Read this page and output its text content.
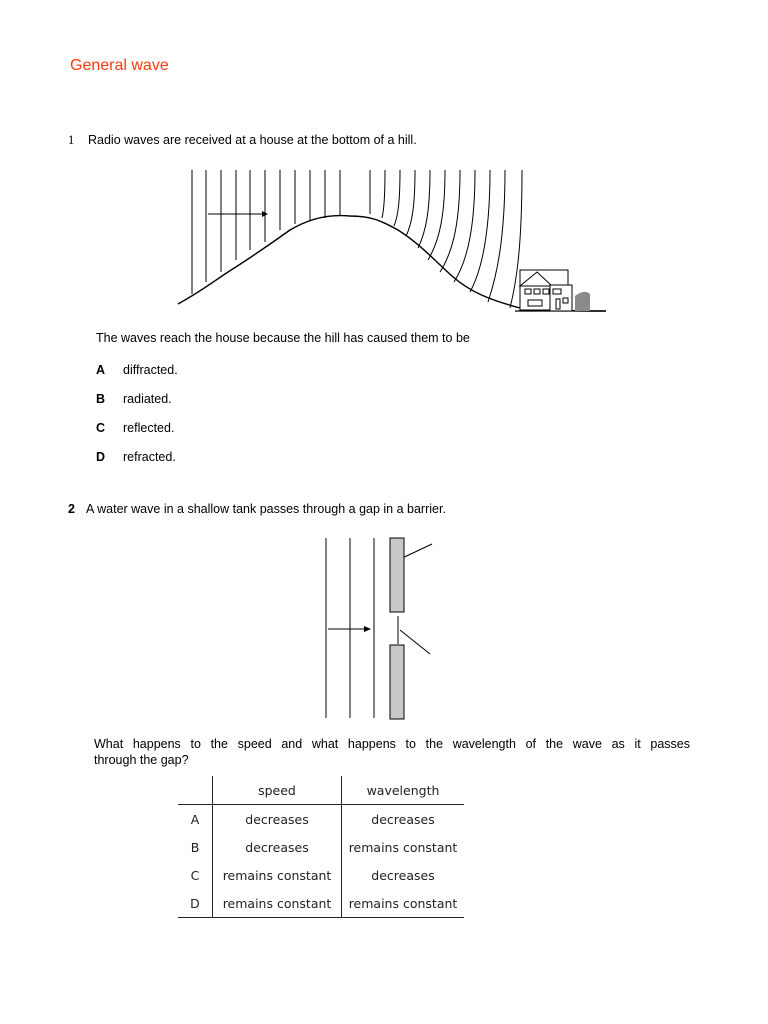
General wave
1 Radio waves are received at a house at the bottom of a hill.
The waves reach the house because the hill has caused them to be
A diffracted.
B radiated.
C reflected.
D refracted.
2 A water wave in a shallow tank passes through a gap in a barrier.
What happens to the speed and what happens to the wavelength of the wave as it passes
through the gap?
	speed	wavelength
A	decreases	decreases
B	decreases	remains constant
C	remains constant	decreases
D	remains constant	remains constant
